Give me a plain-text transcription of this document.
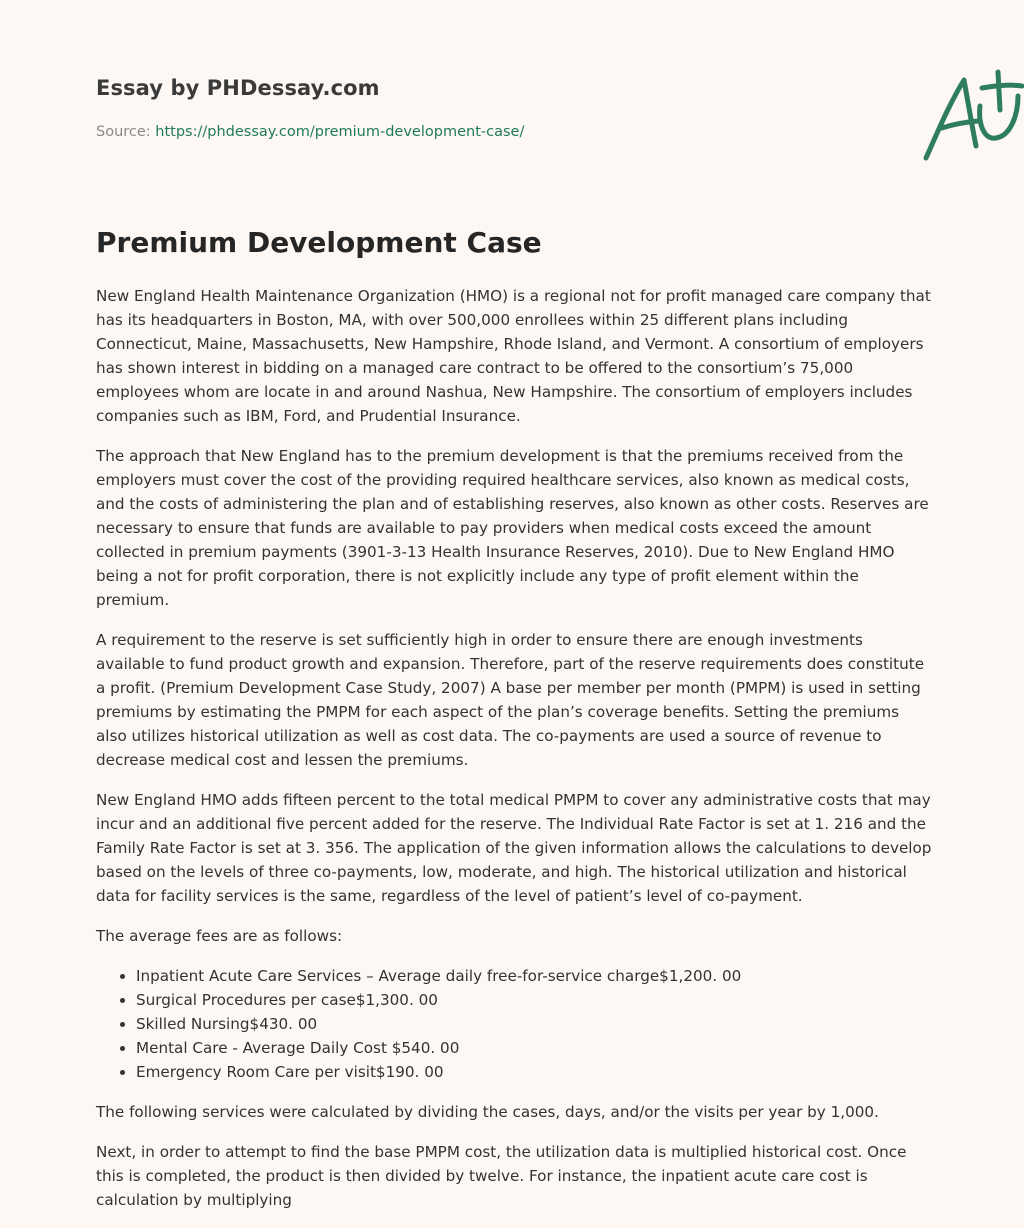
Essay by PHDessay.com
Source: https://phdessay.com/premium-development-case/
Premium Development Case

New England Health Maintenance Organization (HMO) is a regional not for profit managed care company that has its headquarters in Boston, MA, with over 500,000 enrollees within 25 different plans including Connecticut, Maine, Massachusetts, New Hampshire, Rhode Island, and Vermont. A consortium of employers has shown interest in bidding on a managed care contract to be offered to the consortium’s 75,000 employees whom are locate in and around Nashua, New Hampshire. The consortium of employers includes companies such as IBM, Ford, and Prudential Insurance.

The approach that New England has to the premium development is that the premiums received from the employers must cover the cost of the providing required healthcare services, also known as medical costs, and the costs of administering the plan and of establishing reserves, also known as other costs. Reserves are necessary to ensure that funds are available to pay providers when medical costs exceed the amount collected in premium payments (3901-3-13 Health Insurance Reserves, 2010). Due to New England HMO being a not for profit corporation, there is not explicitly include any type of profit element within the premium.

A requirement to the reserve is set sufficiently high in order to ensure there are enough investments available to fund product growth and expansion. Therefore, part of the reserve requirements does constitute a profit. (Premium Development Case Study, 2007) A base per member per month (PMPM) is used in setting premiums by estimating the PMPM for each aspect of the plan’s coverage benefits. Setting the premiums also utilizes historical utilization as well as cost data. The co-payments are used a source of revenue to decrease medical cost and lessen the premiums.

New England HMO adds fifteen percent to the total medical PMPM to cover any administrative costs that may incur and an additional five percent added for the reserve. The Individual Rate Factor is set at 1. 216 and the Family Rate Factor is set at 3. 356. The application of the given information allows the calculations to develop based on the levels of three co-payments, low, moderate, and high. The historical utilization and historical data for facility services is the same, regardless of the level of patient’s level of co-payment.

The average fees are as follows:

• Inpatient Acute Care Services – Average daily free-for-service charge$1,200. 00
• Surgical Procedures per case$1,300. 00
• Skilled Nursing$430. 00
• Mental Care - Average Daily Cost $540. 00
• Emergency Room Care per visit$190. 00

The following services were calculated by dividing the cases, days, and/or the visits per year by 1,000.

Next, in order to attempt to find the base PMPM cost, the utilization data is multiplied historical cost. Once this is completed, the product is then divided by twelve. For instance, the inpatient acute care cost is calculation by multiplying
